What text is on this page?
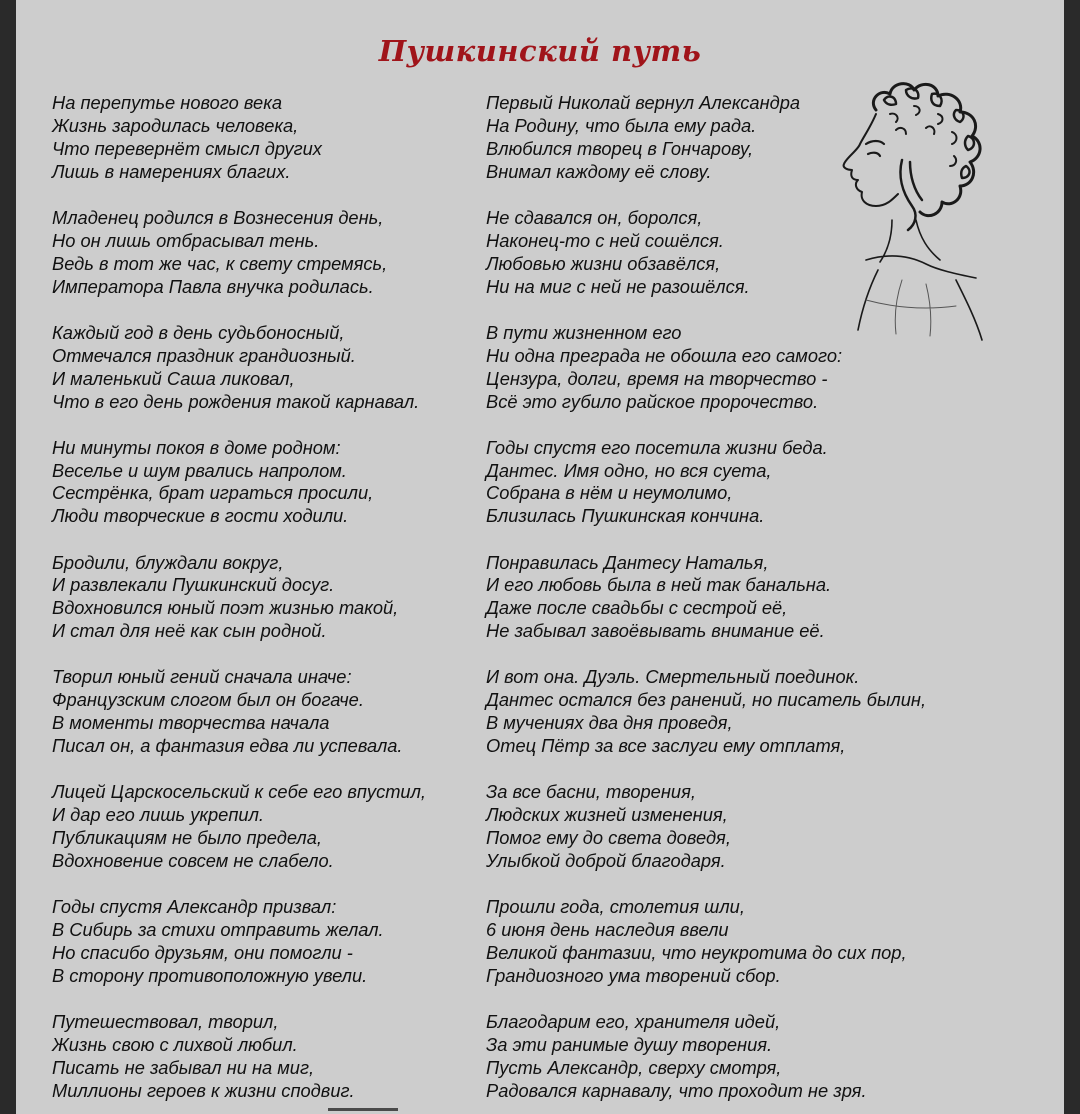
Пушкинский путь
На перепутье нового века
Жизнь зародилась человека,
Что перевернёт смысл других
Лишь в намерениях благих.
Младенец родился в Вознесения день,
Но он лишь отбрасывал тень.
Ведь в тот же час, к свету стремясь,
Императора Павла внучка родилась.
Каждый год в день судьбоносный,
Отмечался праздник грандиозный.
И маленький Саша ликовал,
Что в его день рождения такой карнавал.
Ни минуты покоя в доме родном:
Веселье и шум рвались напролом.
Сестрёнка, брат играться просили,
Люди творческие в гости ходили.
Бродили, блуждали вокруг,
И развлекали Пушкинский досуг.
Вдохновился юный поэт жизнью такой,
И стал для неё как сын родной.
Творил юный гений сначала иначе:
Французским слогом был он богаче.
В моменты творчества начала
Писал он, а фантазия едва ли успевала.
Лицей Царскосельский к себе его впустил,
И дар его лишь укрепил.
Публикациям не было предела,
Вдохновение совсем не слабело.
Годы спустя Александр призвал:
В Сибирь за стихи отправить желал.
Но спасибо друзьям, они помогли -
В сторону противоположную увели.
Путешествовал, творил,
Жизнь свою с лихвой любил.
Писать не забывал ни на миг,
Миллионы героев к жизни сподвиг.
Первый Николай вернул Александра
На Родину, что была ему рада.
Влюбился творец в Гончарову,
Внимал каждому её слову.
Не сдавался он, боролся,
Наконец-то с ней сошёлся.
Любовью жизни обзавёлся,
Ни на миг с ней не разошёлся.
В пути жизненном его
Ни одна преграда не обошла его самого:
Цензура, долги, время на творчество -
Всё это губило райское пророчество.
Годы спустя его посетила жизни беда.
Дантес. Имя одно, но вся суета,
Собрана в нём и неумолимо,
Близилась Пушкинская кончина.
Понравилась Дантесу Наталья,
И его любовь была в ней так банальна.
Даже после свадьбы с сестрой её,
Не забывал завоёвывать внимание её.
И вот она. Дуэль. Смертельный поединок.
Дантес остался без ранений, но писатель былин,
В мучениях два дня проведя,
Отец Пётр за все заслуги ему отплатя,
За все басни, творения,
Людских жизней изменения,
Помог ему до света доведя,
Улыбкой доброй благодаря.
Прошли года, столетия шли,
6 июня день наследия ввели
Великой фантазии, что неукротима до сих пор,
Грандиозного ума творений сбор.
Благодарим его, хранителя идей,
За эти ранимые душу творения.
Пусть Александр, сверху смотря,
Радовался карнавалу, что проходит не зря.
